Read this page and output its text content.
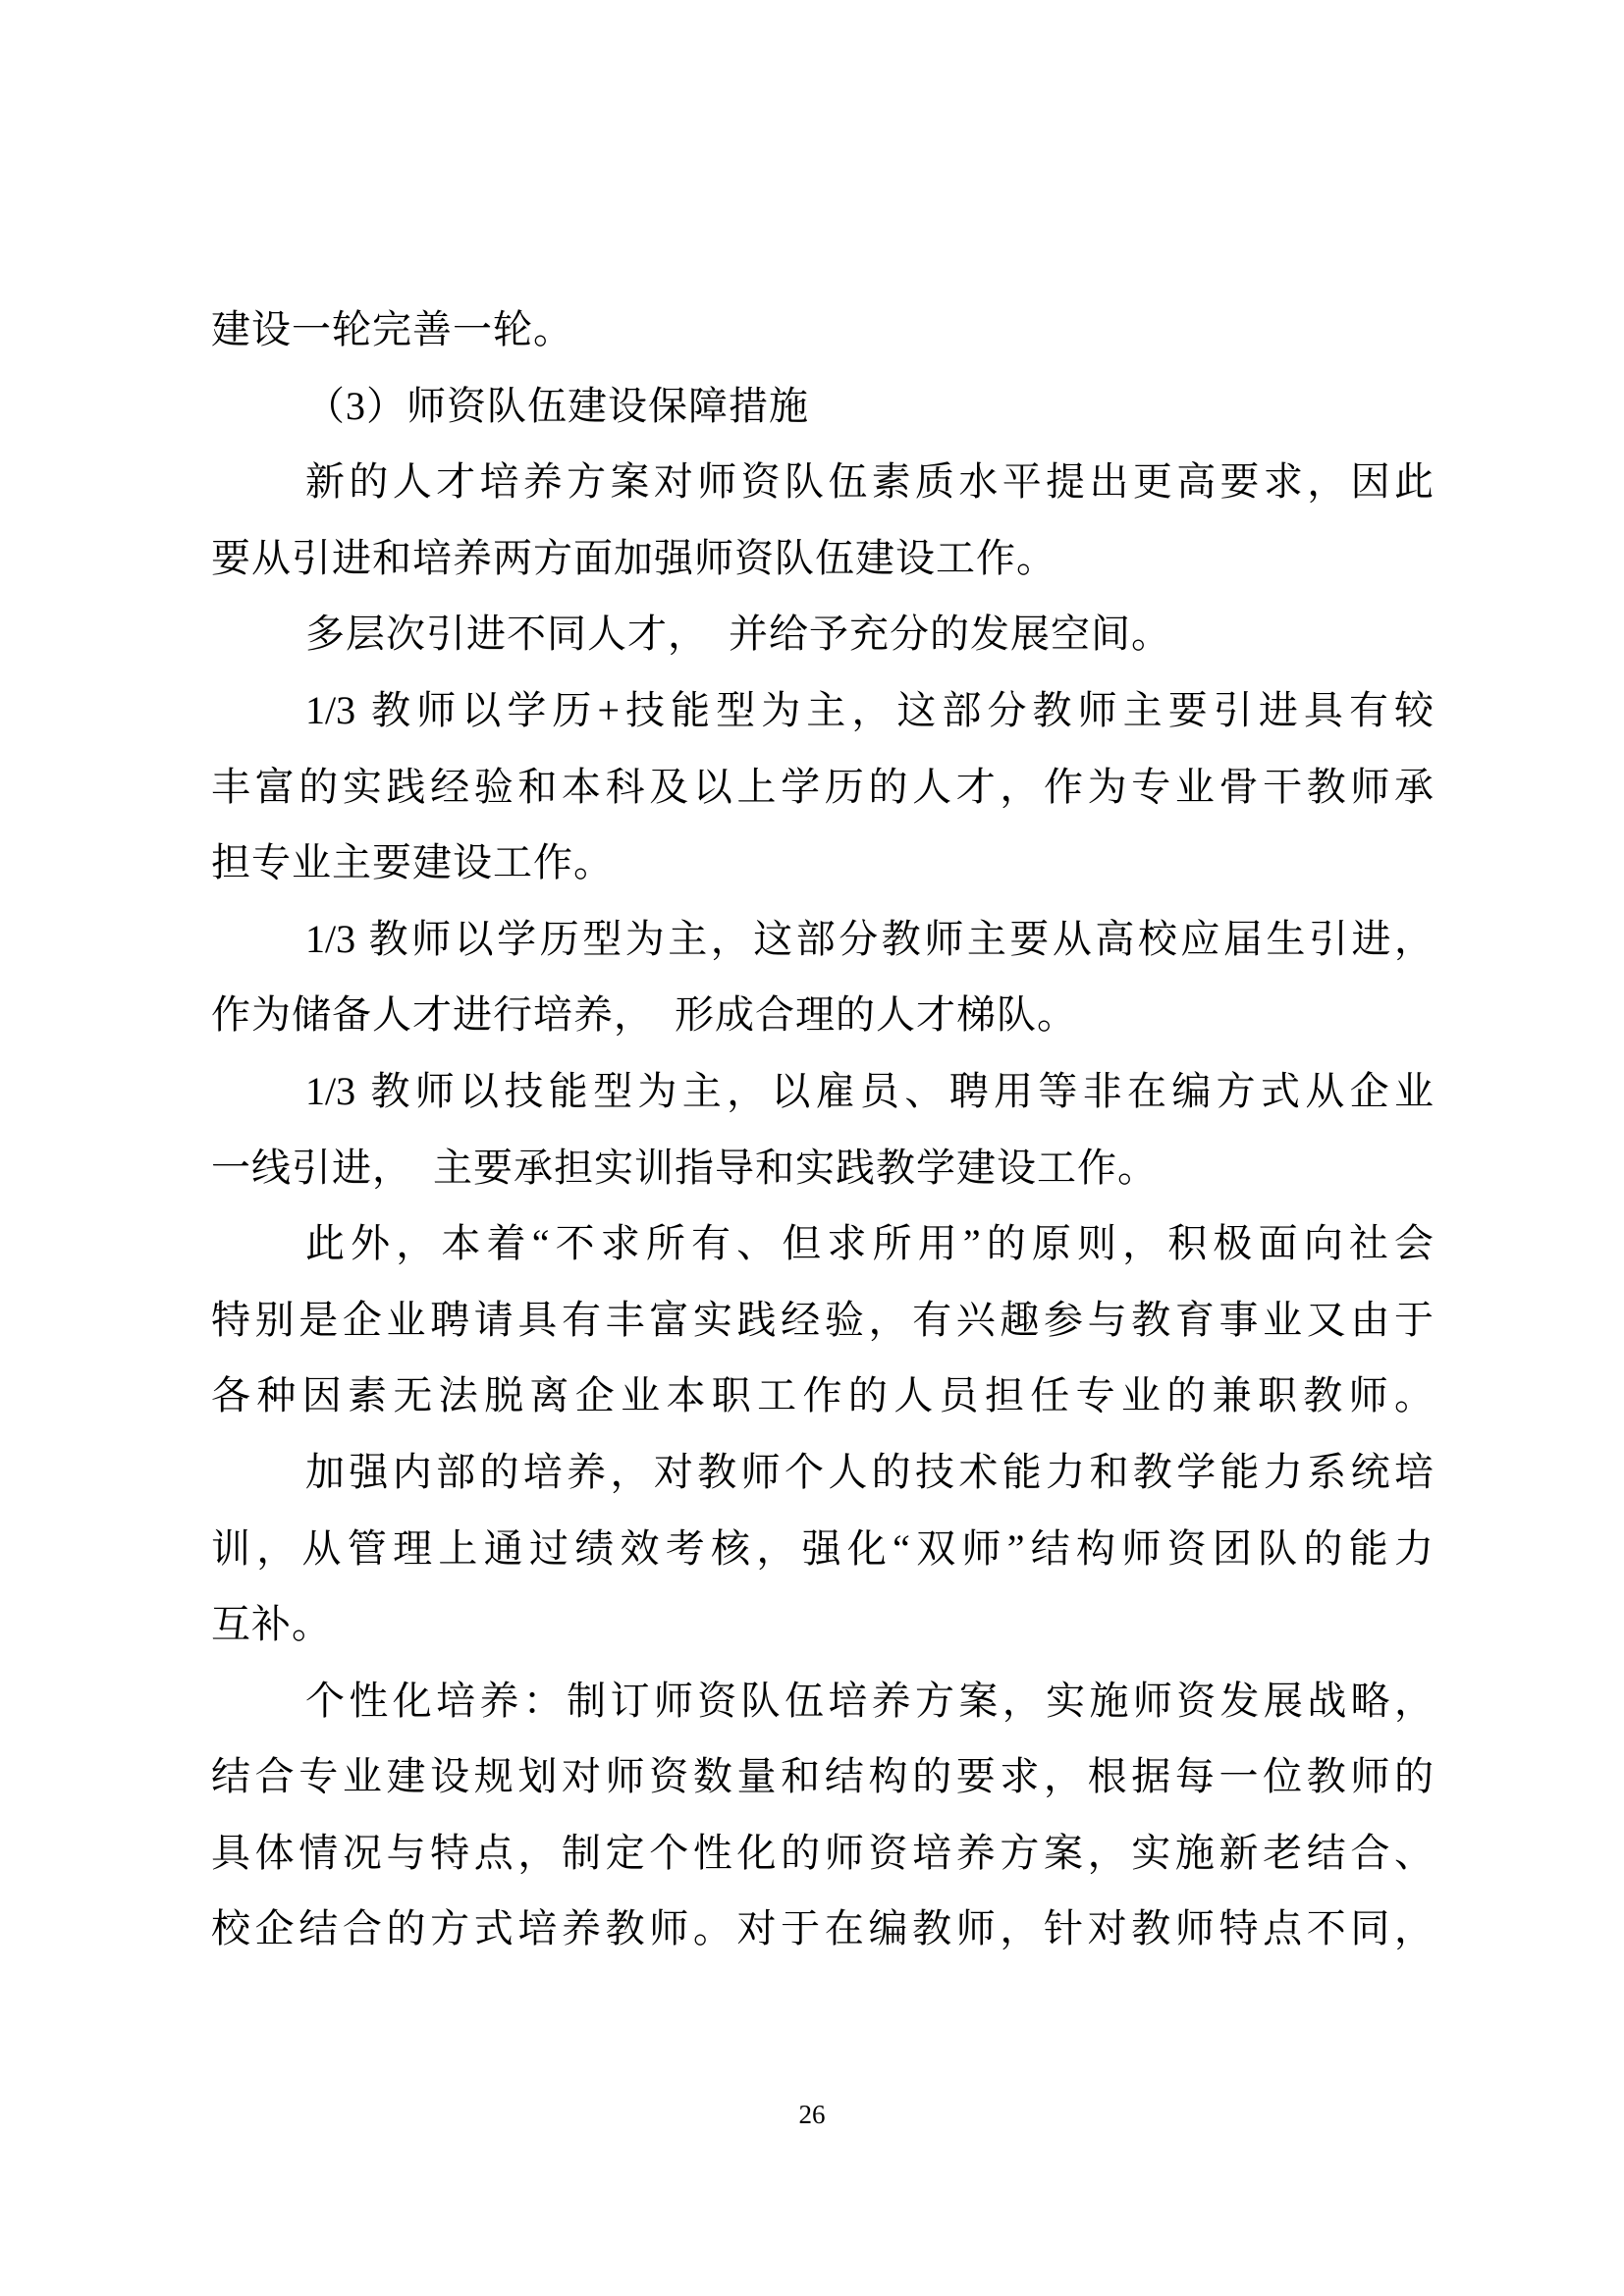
建设一轮完善一轮。
（3）师资队伍建设保障措施
新的人才培养方案对师资队伍素质水平提出更高要求，因此
要从引进和培养两方面加强师资队伍建设工作。
多层次引进不同人才，　并给予充分的发展空间。
1/3 教师以学历+技能型为主，这部分教师主要引进具有较
丰富的实践经验和本科及以上学历的人才，作为专业骨干教师承
担专业主要建设工作。
1/3 教师以学历型为主，这部分教师主要从高校应届生引进，
作为储备人才进行培养，　形成合理的人才梯队。
1/3 教师以技能型为主，以雇员、聘用等非在编方式从企业
一线引进，　主要承担实训指导和实践教学建设工作。
此外，本着“不求所有、但求所用”的原则，积极面向社会
特别是企业聘请具有丰富实践经验，有兴趣参与教育事业又由于
各种因素无法脱离企业本职工作的人员担任专业的兼职教师。
加强内部的培养，对教师个人的技术能力和教学能力系统培
训，从管理上通过绩效考核，强化“双师”结构师资团队的能力
互补。
个性化培养：制订师资队伍培养方案，实施师资发展战略，
结合专业建设规划对师资数量和结构的要求，根据每一位教师的
具体情况与特点，制定个性化的师资培养方案，实施新老结合、
校企结合的方式培养教师。对于在编教师，针对教师特点不同，
26
